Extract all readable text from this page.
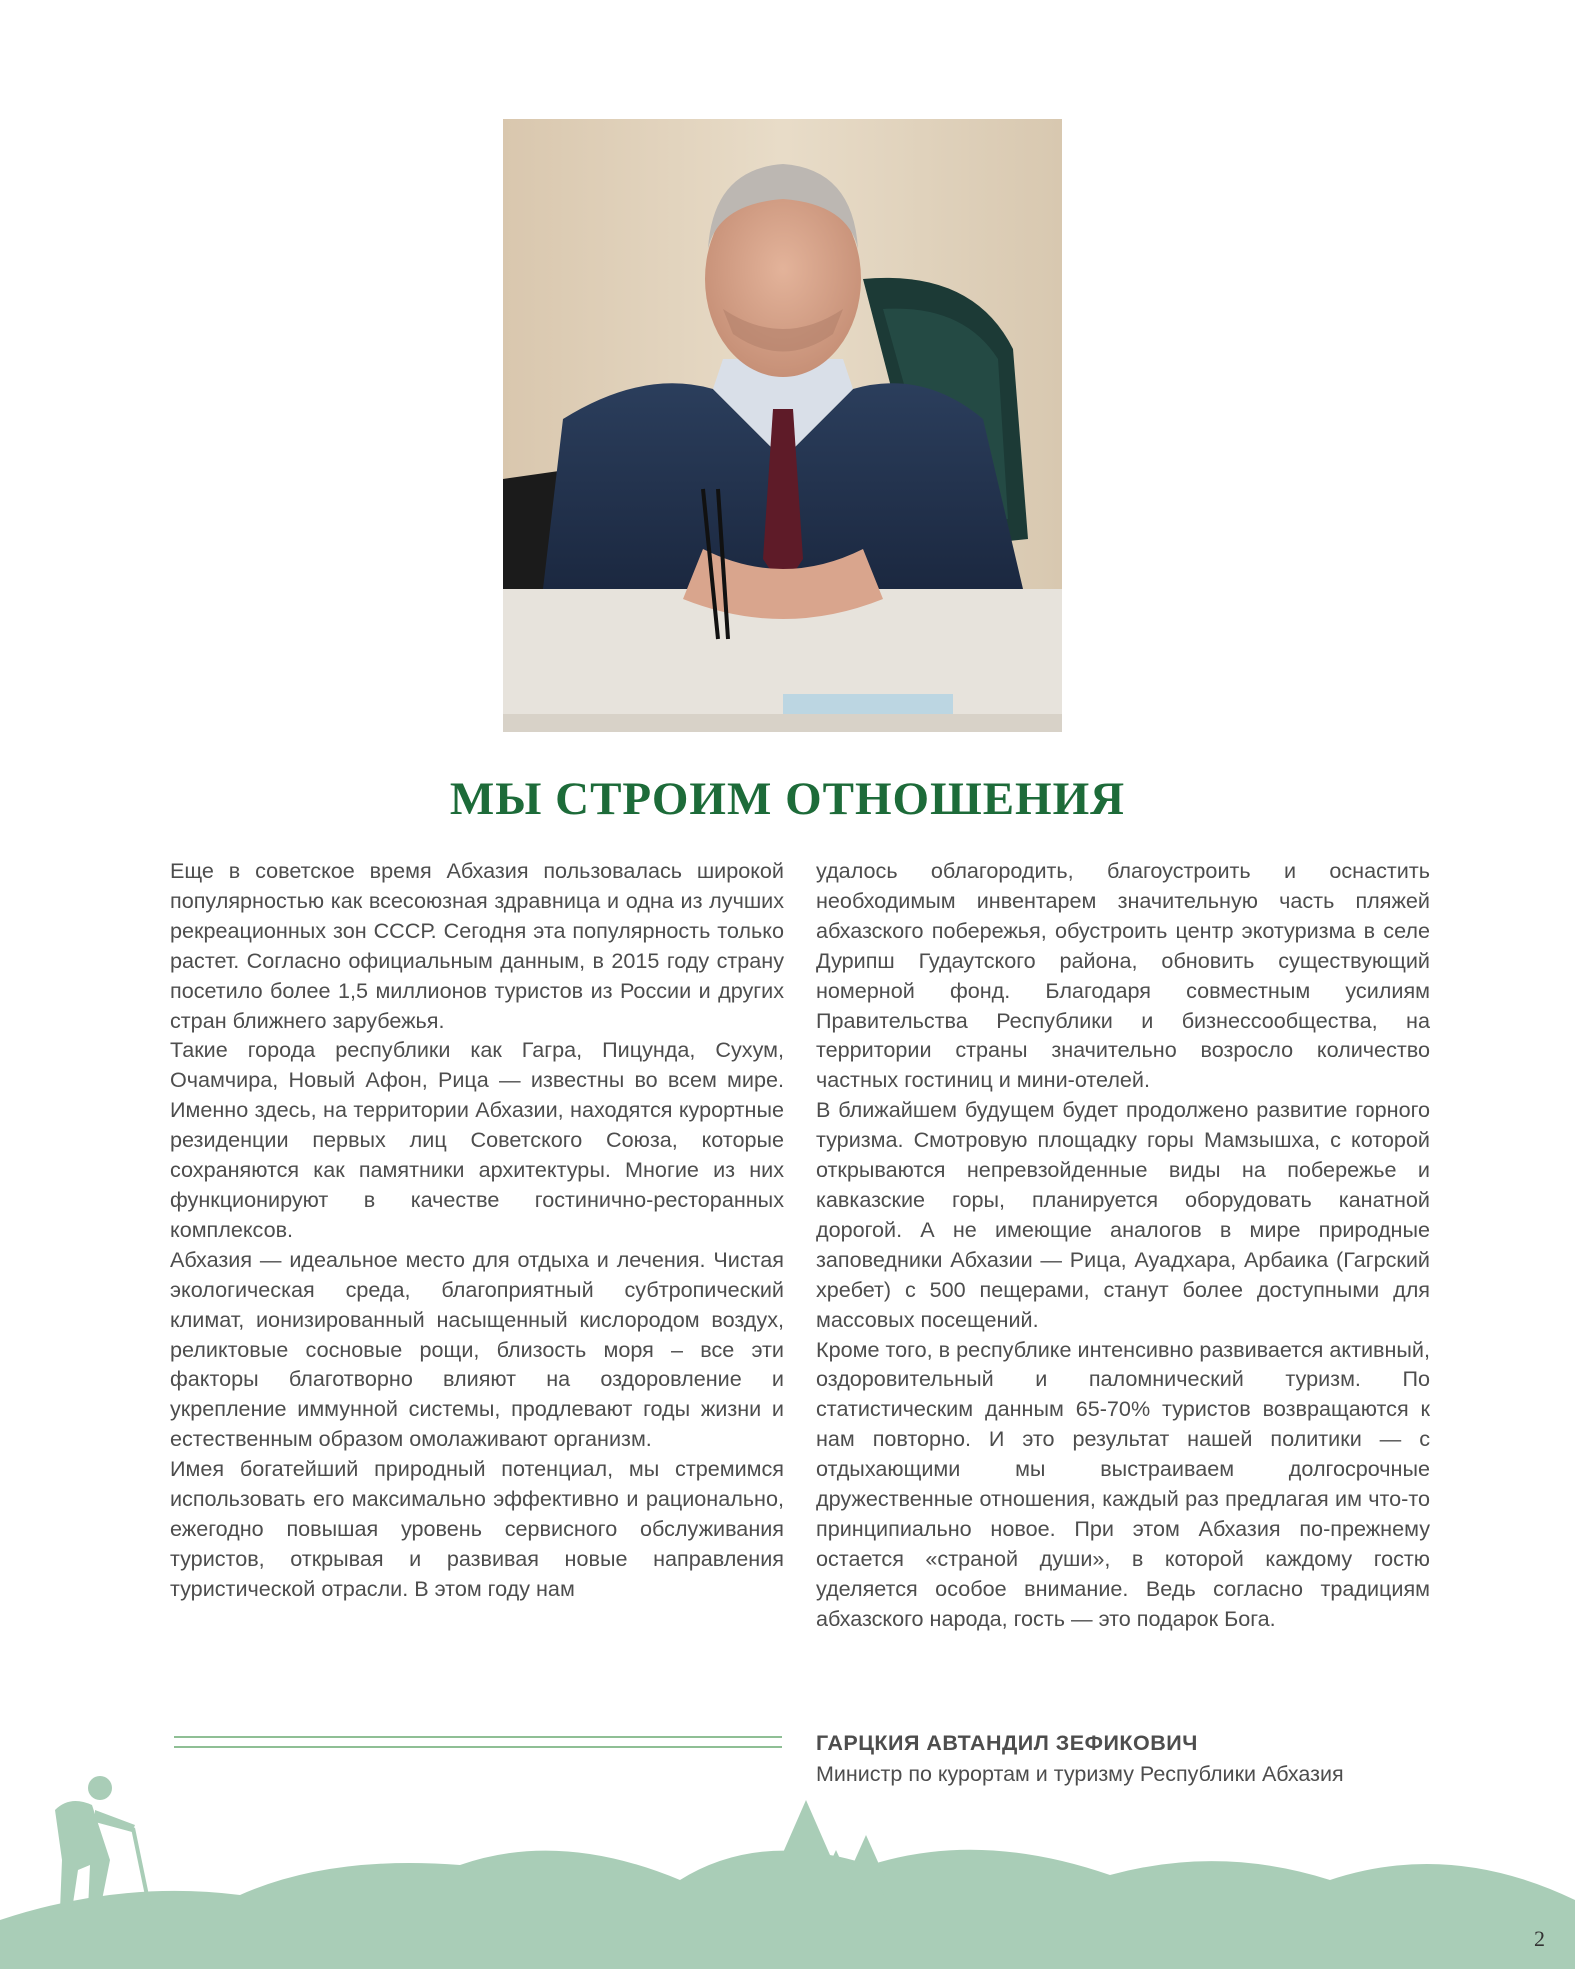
МЫ СТРОИМ ОТНОШЕНИЯ

Еще в советское время Абхазия пользовалась широкой популярностью как всесоюзная здравница и одна из лучших рекреационных зон СССР. Сегодня эта популярность только растет. Согласно официальным данным, в 2015 году страну посетило более 1,5 миллионов туристов из России и других стран ближнего зарубежья.

Такие города республики как Гагра, Пицунда, Сухум, Очамчира, Новый Афон, Рица — известны во всем мире. Именно здесь, на территории Абхазии, находятся курортные резиденции первых лиц Советского Союза, которые сохраняются как памятники архитектуры. Многие из них функционируют в качестве гостинично-ресторанных комплексов.

Абхазия — идеальное место для отдыха и лечения. Чистая экологическая среда, благоприятный субтропический климат, ионизированный насыщенный кислородом воздух, реликтовые сосновые рощи, близость моря – все эти факторы благотворно влияют на оздоровление и укрепление иммунной системы, продлевают годы жизни и естественным образом омолаживают организм.

Имея богатейший природный потенциал, мы стремимся использовать его максимально эффективно и рационально, ежегодно повышая уровень сервисного обслуживания туристов, открывая и развивая новые направления туристической отрасли. В этом году нам

удалось облагородить, благоустроить и оснастить необходимым инвентарем значительную часть пляжей абхазского побережья, обустроить центр экотуризма в селе Дурипш Гудаутского района, обновить существующий номерной фонд. Благодаря совместным усилиям Правительства Республики и бизнессообщества, на территории страны значительно возросло количество частных гостиниц и мини-отелей.

В ближайшем будущем будет продолжено развитие горного туризма. Смотровую площадку горы Мамзышха, с которой открываются непревзойденные виды на побережье и кавказские горы, планируется оборудовать канатной дорогой. А не имеющие аналогов в мире природные заповедники Абхазии — Рица, Ауадхара, Арбаика (Гагрский хребет) с 500 пещерами, станут более доступными для массовых посещений.

Кроме того, в республике интенсивно развивается активный, оздоровительный и паломнический туризм. По статистическим данным 65-70% туристов возвращаются к нам повторно. И это результат нашей политики — с отдыхающими мы выстраиваем долгосрочные дружественные отношения, каждый раз предлагая им что-то принципиально новое. При этом Абхазия по-прежнему остается «страной души», в которой каждому гостю уделяется особое внимание. Ведь согласно традициям абхазского народа, гость — это подарок Бога.

ГАРЦКИЯ АВТАНДИЛ ЗЕФИКОВИЧ

Министр по курортам и туризму Республики Абхазия

2
